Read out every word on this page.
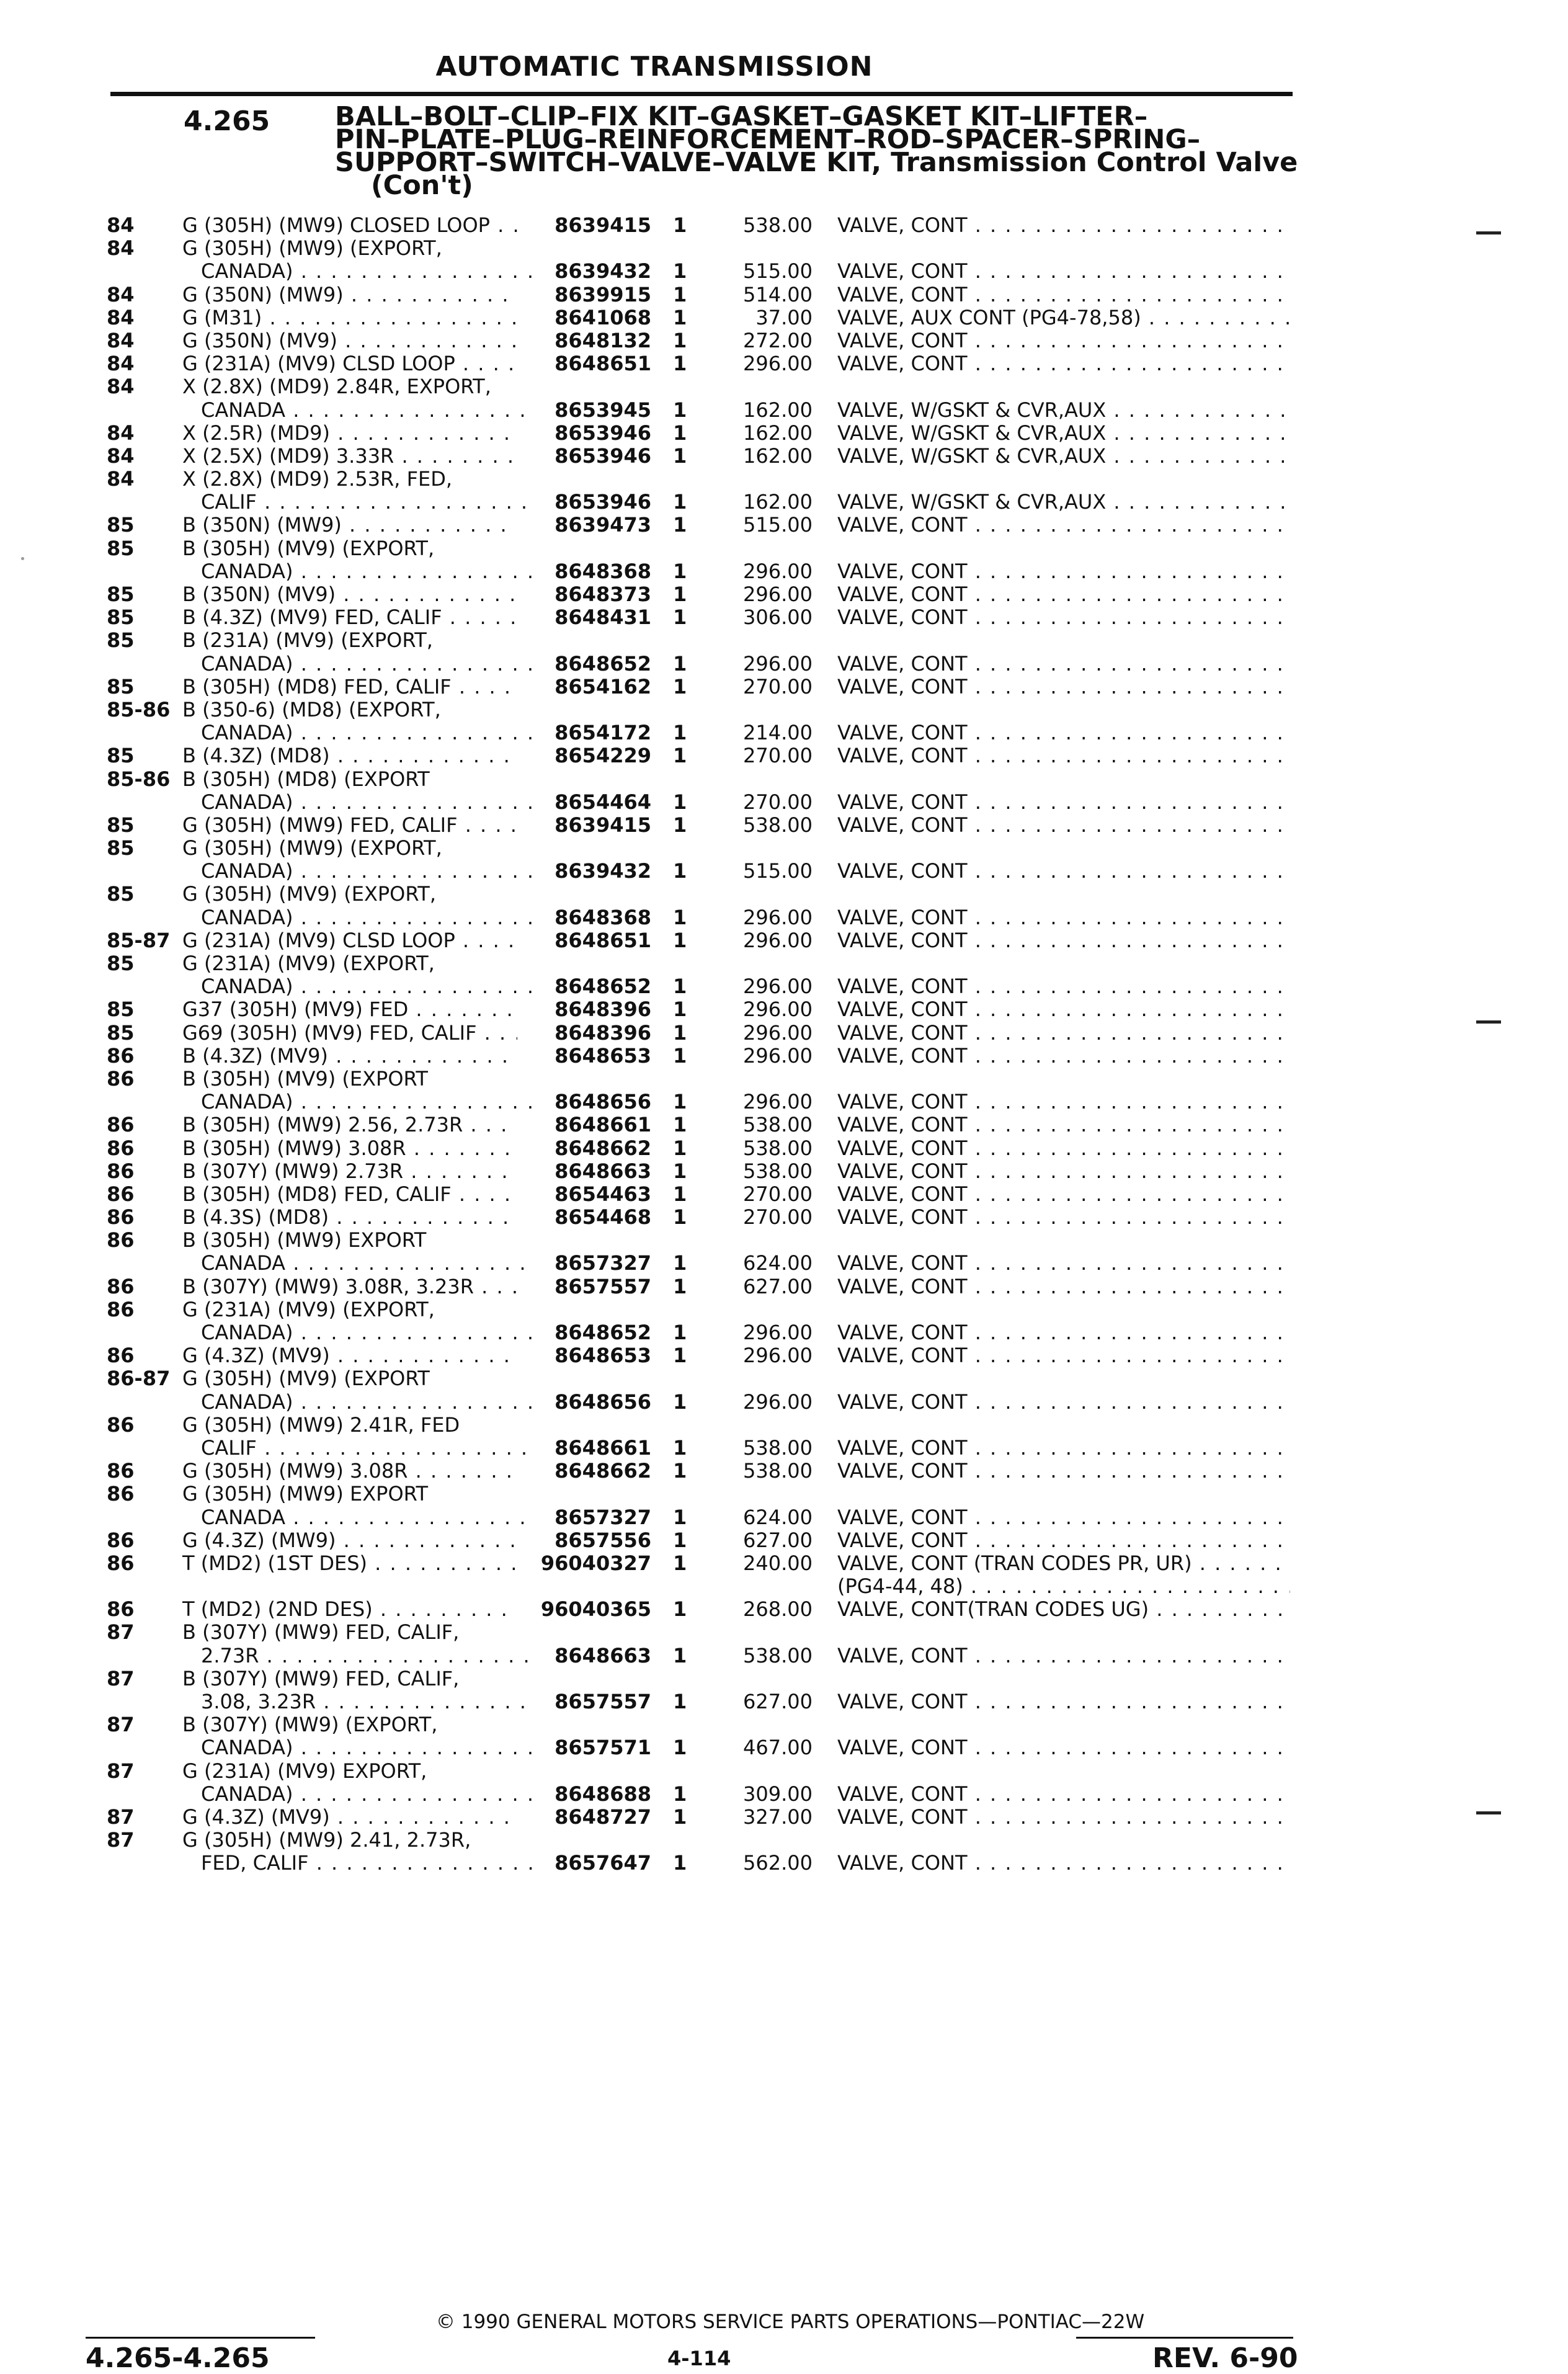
AUTOMATIC TRANSMISSION
4.265 BALL–BOLT–CLIP–FIX KIT–GASKET–GASKET KIT–LIFTER–
PIN–PLATE–PLUG–REINFORCEMENT–ROD–SPACER–SPRING–
SUPPORT–SWITCH–VALVE–VALVE KIT, Transmission Control Valve
(Con't)
84 G (305H) (MW9) CLOSED LOOP . . .	8639415 1	538.00 VALVE, CONT . . .
84 G (305H) (MW9) (EXPORT,
CANADA) . . .	8639432 1	515.00 VALVE, CONT . . .
84 G (350N) (MW9) . . .	8639915 1	514.00 VALVE, CONT . . .
84 G (M31) . . .	8641068 1	37.00 VALVE, AUX CONT (PG4-78,58) . . .
84 G (350N) (MV9) . . .	8648132 1	272.00 VALVE, CONT . . .
84 G (231A) (MV9) CLSD LOOP . . .	8648651 1	296.00 VALVE, CONT . . .
84 X (2.8X) (MD9) 2.84R, EXPORT,
CANADA . . .	8653945 1	162.00 VALVE, W/GSKT & CVR,AUX . . .
84 X (2.5R) (MD9) . . .	8653946 1	162.00 VALVE, W/GSKT & CVR,AUX . . .
84 X (2.5X) (MD9) 3.33R . . .	8653946 1	162.00 VALVE, W/GSKT & CVR,AUX . . .
84 X (2.8X) (MD9) 2.53R, FED,
CALIF . . .	8653946 1	162.00 VALVE, W/GSKT & CVR,AUX . . .
85 B (350N) (MW9) . . .	8639473 1	515.00 VALVE, CONT . . .
85 B (305H) (MV9) (EXPORT,
CANADA) . . .	8648368 1	296.00 VALVE, CONT . . .
85 B (350N) (MV9) . . .	8648373 1	296.00 VALVE, CONT . . .
85 B (4.3Z) (MV9) FED, CALIF . . .	8648431 1	306.00 VALVE, CONT . . .
85 B (231A) (MV9) (EXPORT,
CANADA) . . .	8648652 1	296.00 VALVE, CONT . . .
85 B (305H) (MD8) FED, CALIF . . .	8654162 1	270.00 VALVE, CONT . . .
85-86 B (350-6) (MD8) (EXPORT,
CANADA) . . .	8654172 1	214.00 VALVE, CONT . . .
85 B (4.3Z) (MD8) . . .	8654229 1	270.00 VALVE, CONT . . .
85-86 B (305H) (MD8) (EXPORT
CANADA) . . .	8654464 1	270.00 VALVE, CONT . . .
85 G (305H) (MW9) FED, CALIF . . .	8639415 1	538.00 VALVE, CONT . . .
85 G (305H) (MW9) (EXPORT,
CANADA) . . .	8639432 1	515.00 VALVE, CONT . . .
85 G (305H) (MV9) (EXPORT,
CANADA) . . .	8648368 1	296.00 VALVE, CONT . . .
85-87 G (231A) (MV9) CLSD LOOP . . .	8648651 1	296.00 VALVE, CONT . . .
85 G (231A) (MV9) (EXPORT,
CANADA) . . .	8648652 1	296.00 VALVE, CONT . . .
85 G37 (305H) (MV9) FED . . .	8648396 1	296.00 VALVE, CONT . . .
85 G69 (305H) (MV9) FED, CALIF . . .	8648396 1	296.00 VALVE, CONT . . .
86 B (4.3Z) (MV9) . . .	8648653 1	296.00 VALVE, CONT . . .
86 B (305H) (MV9) (EXPORT
CANADA) . . .	8648656 1	296.00 VALVE, CONT . . .
86 B (305H) (MW9) 2.56, 2.73R . . .	8648661 1	538.00 VALVE, CONT . . .
86 B (305H) (MW9) 3.08R . . .	8648662 1	538.00 VALVE, CONT . . .
86 B (307Y) (MW9) 2.73R . . .	8648663 1	538.00 VALVE, CONT . . .
86 B (305H) (MD8) FED, CALIF . . .	8654463 1	270.00 VALVE, CONT . . .
86 B (4.3S) (MD8) . . .	8654468 1	270.00 VALVE, CONT . . .
86 B (305H) (MW9) EXPORT
CANADA . . .	8657327 1	624.00 VALVE, CONT . . .
86 B (307Y) (MW9) 3.08R, 3.23R . . .	8657557 1	627.00 VALVE, CONT . . .
86 G (231A) (MV9) (EXPORT,
CANADA) . . .	8648652 1	296.00 VALVE, CONT . . .
86 G (4.3Z) (MV9) . . .	8648653 1	296.00 VALVE, CONT . . .
86-87 G (305H) (MV9) (EXPORT
CANADA) . . .	8648656 1	296.00 VALVE, CONT . . .
86 G (305H) (MW9) 2.41R, FED
CALIF . . .	8648661 1	538.00 VALVE, CONT . . .
86 G (305H) (MW9) 3.08R . . .	8648662 1	538.00 VALVE, CONT . . .
86 G (305H) (MW9) EXPORT
CANADA . . .	8657327 1	624.00 VALVE, CONT . . .
86 G (4.3Z) (MW9) . . .	8657556 1	627.00 VALVE, CONT . . .
86 T (MD2) (1ST DES) . . .	96040327 1	240.00 VALVE, CONT (TRAN CODES PR, UR) . . .
(PG4-44, 48) . . .
86 T (MD2) (2ND DES) . . .	96040365 1	268.00 VALVE, CONT(TRAN CODES UG) . . .
87 B (307Y) (MW9) FED, CALIF,
2.73R . . .	8648663 1	538.00 VALVE, CONT . . .
87 B (307Y) (MW9) FED, CALIF,
3.08, 3.23R . . .	8657557 1	627.00 VALVE, CONT . . .
87 B (307Y) (MW9) (EXPORT,
CANADA) . . .	8657571 1	467.00 VALVE, CONT . . .
87 G (231A) (MV9) EXPORT,
CANADA) . . .	8648688 1	309.00 VALVE, CONT . . .
87 G (4.3Z) (MV9) . . .	8648727 1	327.00 VALVE, CONT . . .
87 G (305H) (MW9) 2.41, 2.73R,
FED, CALIF . . .	8657647 1	562.00 VALVE, CONT . . .
© 1990 GENERAL MOTORS SERVICE PARTS OPERATIONS—PONTIAC—22W
4.265-4.265	4-114	REV. 6-90
